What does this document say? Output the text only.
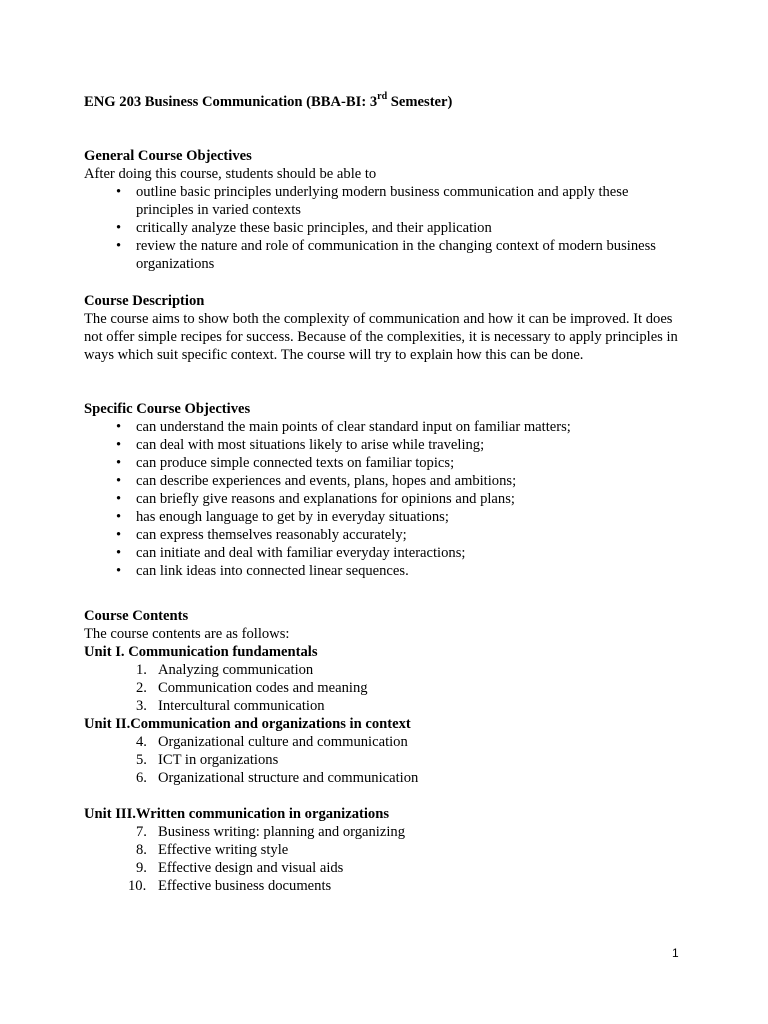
ENG 203 Business Communication (BBA-BI: 3rd Semester)

General Course Objectives

After doing this course, students should be able to

• outline basic principles underlying modern business communication and apply these principles in varied contexts
• critically analyze these basic principles, and their application
• review the nature and role of communication in the changing context of modern business organizations

Course Description

The course aims to show both the complexity of communication and how it can be improved. It does not offer simple recipes for success. Because of the complexities, it is necessary to apply principles in ways which suit specific context. The course will try to explain how this can be done.

Specific Course Objectives

• can understand the main points of clear standard input on familiar matters;
• can deal with most situations likely to arise while traveling;
• can produce simple connected texts on familiar topics;
• can describe experiences and events, plans, hopes and ambitions;
• can briefly give reasons and explanations for opinions and plans;
• has enough language to get by in everyday situations;
• can express themselves reasonably accurately;
• can initiate and deal with familiar everyday interactions;
• can link ideas into connected linear sequences.

Course Contents

The course contents are as follows:

Unit I. Communication fundamentals

1. Analyzing communication
2. Communication codes and meaning
3. Intercultural communication

Unit II.Communication and organizations in context

4. Organizational culture and communication
5. ICT in organizations
6. Organizational structure and communication

Unit III.Written communication in organizations

7. Business writing: planning and organizing
8. Effective writing style
9. Effective design and visual aids
10. Effective business documents
1
